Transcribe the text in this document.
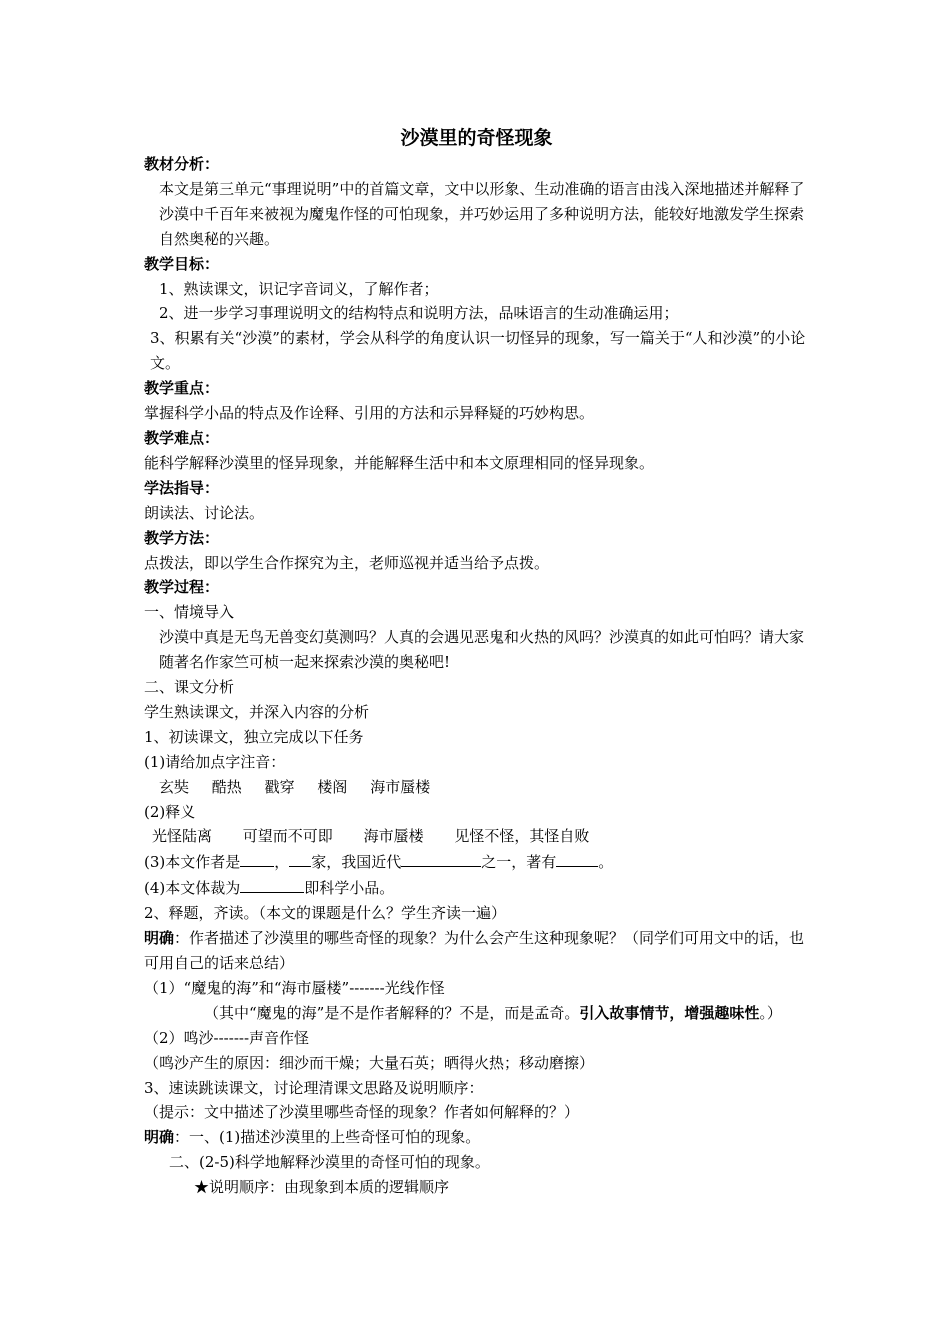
沙漠里的奇怪现象

教材分析：

本文是第三单元“事理说明”中的首篇文章，文中以形象、生动准确的语言由浅入深地描述并解释了沙漠中千百年来被视为魔鬼作怪的可怕现象，并巧妙运用了多种说明方法，能较好地激发学生探索自然奥秘的兴趣。

教学目标：

1、熟读课文，识记字音词义，了解作者；

2、进一步学习事理说明文的结构特点和说明方法，品味语言的生动准确运用；

3、积累有关“沙漠”的素材，学会从科学的角度认识一切怪异的现象，写一篇关于“人和沙漠”的小论文。

教学重点：

掌握科学小品的特点及作诠释、引用的方法和示异释疑的巧妙构思。

教学难点：

能科学解释沙漠里的怪异现象，并能解释生活中和本文原理相同的怪异现象。

学法指导：

朗读法、讨论法。

教学方法：

点拨法，即以学生合作探究为主，老师巡视并适当给予点拨。

教学过程：

一、情境导入

沙漠中真是无鸟无兽变幻莫测吗？人真的会遇见恶鬼和火热的风吗？沙漠真的如此可怕吗？请大家随著名作家竺可桢一起来探索沙漠的奥秘吧!

二、课文分析

学生熟读课文，并深入内容的分析

1、初读课文，独立完成以下任务

(1)请给加点字注音：

玄奘 酷热 戳穿 楼阁 海市蜃楼

(2)释义

光怪陆离 可望而不可即 海市蜃楼 见怪不怪，其怪自败

(3)本文作者是 ， 家，我国近代	之一，著有	。

(4)本文体裁为	即科学小品。

2、释题，齐读。（本文的课题是什么？学生齐读一遍）

明确：作者描述了沙漠里的哪些奇怪的现象？为什么会产生这种现象呢？（同学们可用文中的话，也可用自己的话来总结）

（1）“魔鬼的海”和“海市蜃楼”-------光线作怪

（其中“魔鬼的海”是不是作者解释的？不是，而是孟奇。引入故事情节，增强趣味性。）

（2）鸣沙-------声音作怪

（鸣沙产生的原因：细沙而干燥；大量石英；晒得火热；移动磨擦）

3、速读跳读课文，讨论理清课文思路及说明顺序：

（提示：文中描述了沙漠里哪些奇怪的现象？作者如何解释的？）

明确：一、(1)描述沙漠里的上些奇怪可怕的现象。

二、(2-5)科学地解释沙漠里的奇怪可怕的现象。

★说明顺序：由现象到本质的逻辑顺序
